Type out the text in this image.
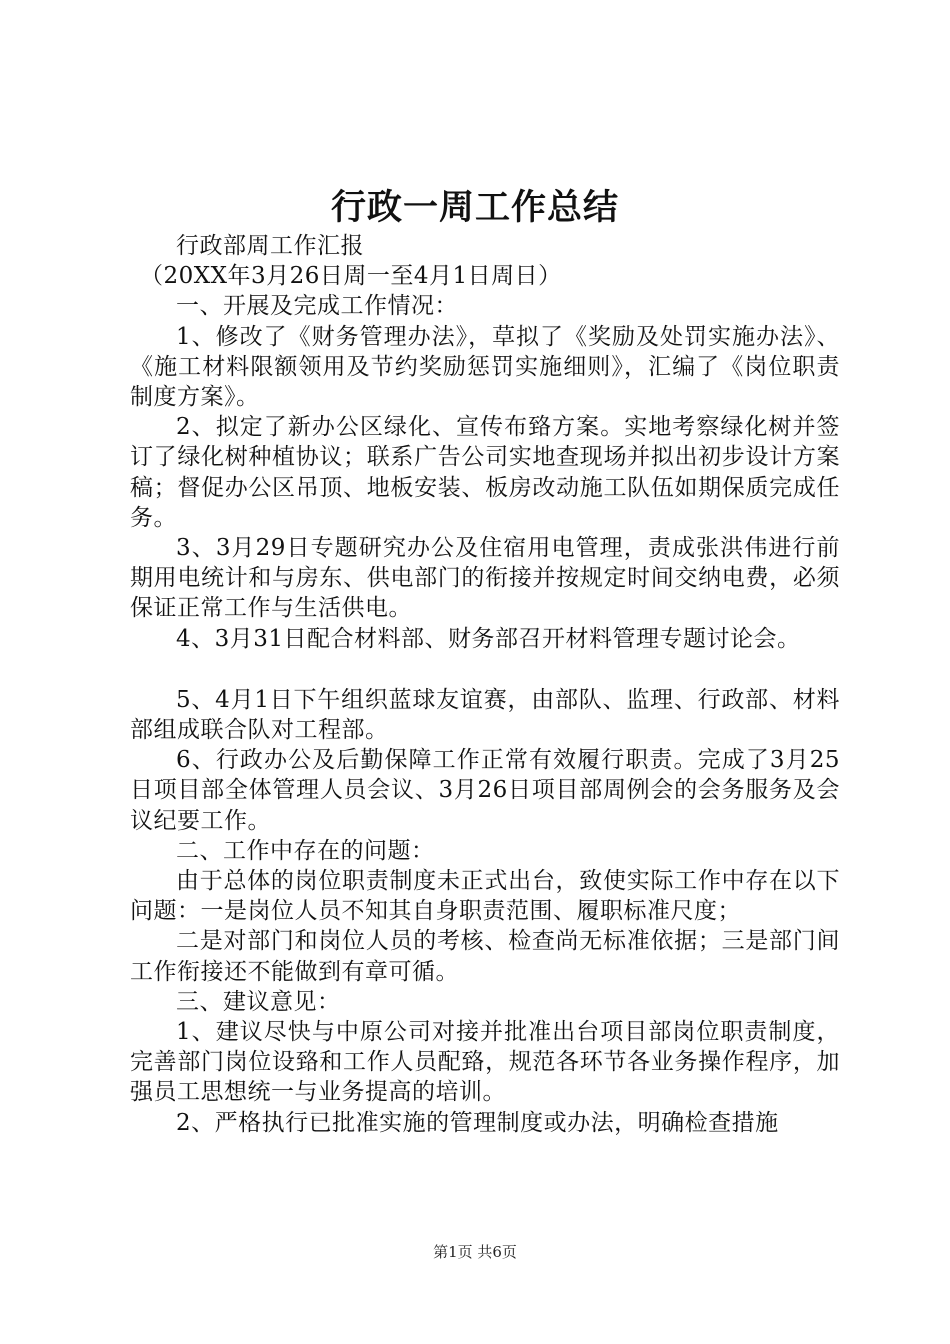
行政一周工作总结

行政部周工作汇报

（20XX年3月26日周一至4月1日周日）

一、开展及完成工作情况：

1、修改了《财务管理办法》，草拟了《奖励及处罚实施办法》、《施工材料限额领用及节约奖励惩罚实施细则》，汇编了《岗位职责制度方案》。

2、拟定了新办公区绿化、宣传布臵方案。实地考察绿化树并签订了绿化树种植协议；联系广告公司实地查现场并拟出初步设计方案稿；督促办公区吊顶、地板安装、板房改动施工队伍如期保质完成任务。

3、3月29日专题研究办公及住宿用电管理，责成张洪伟进行前期用电统计和与房东、供电部门的衔接并按规定时间交纳电费，必须保证正常工作与生活供电。

4、3月31日配合材料部、财务部召开材料管理专题讨论会。

5、4月1日下午组织蓝球友谊赛，由部队、监理、行政部、材料部组成联合队对工程部。

6、行政办公及后勤保障工作正常有效履行职责。完成了3月25日项目部全体管理人员会议、3月26日项目部周例会的会务服务及会议纪要工作。

二、工作中存在的问题：

由于总体的岗位职责制度未正式出台，致使实际工作中存在以下问题：一是岗位人员不知其自身职责范围、履职标准尺度；

二是对部门和岗位人员的考核、检查尚无标准依据；三是部门间工作衔接还不能做到有章可循。

三、建议意见：

1、建议尽快与中原公司对接并批准出台项目部岗位职责制度，完善部门岗位设臵和工作人员配臵，规范各环节各业务操作程序，加强员工思想统一与业务提高的培训。

2、严格执行已批准实施的管理制度或办法，明确检查措施

第1页 共6页
